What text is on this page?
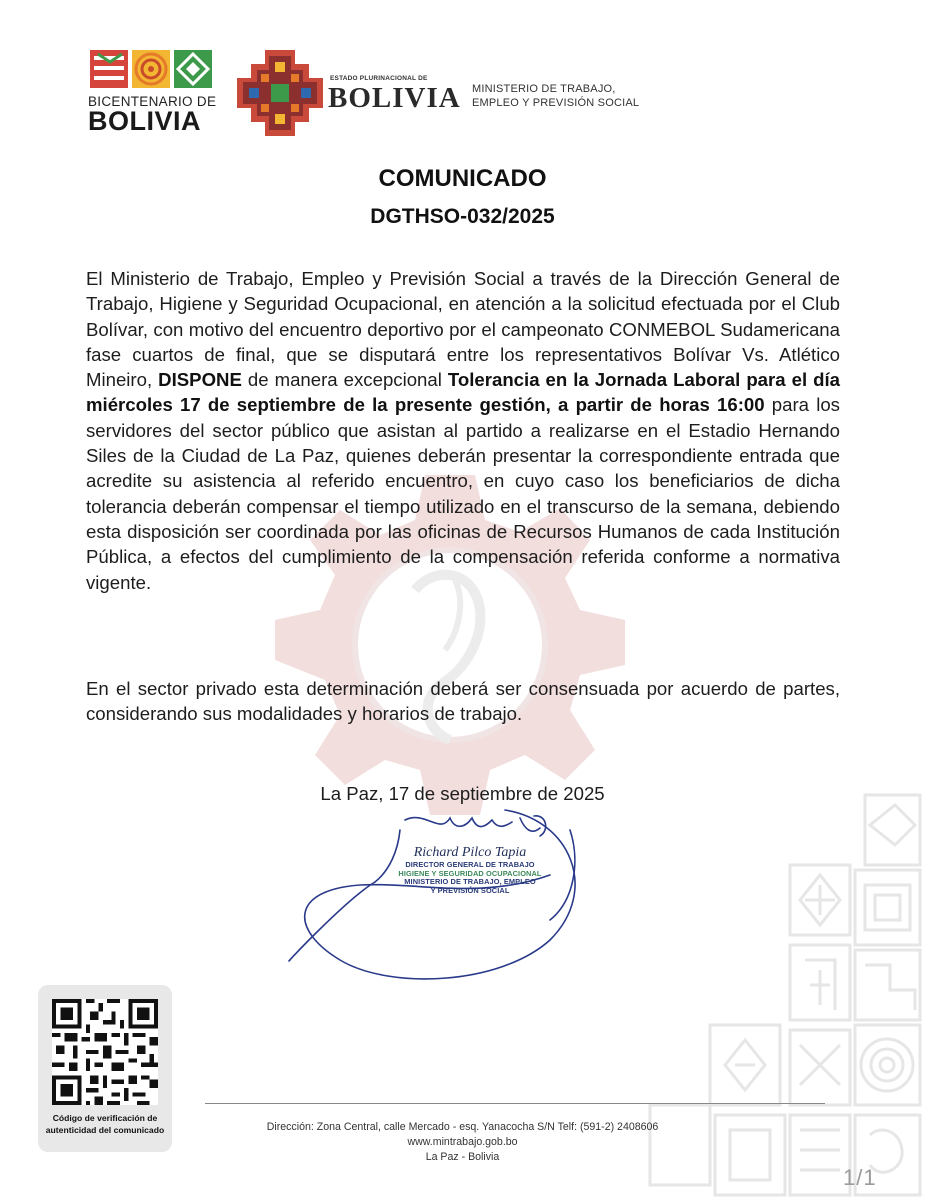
BICENTENARIO DE
BOLIVIA
ESTADO PLURINACIONAL DE
BOLIVIA MINISTERIO DE TRABAJO,
EMPLEO Y PREVISIÓN SOCIAL
COMUNICADO
DGTHSO-032/2025
El Ministerio de Trabajo, Empleo y Previsión Social a través de la Dirección General de Trabajo, Higiene y Seguridad Ocupacional, en atención a la solicitud efectuada por el Club Bolívar, con motivo del encuentro deportivo por el campeonato CONMEBOL Sudamericana fase cuartos de final, que se disputará entre los representativos Bolívar Vs. Atlético Mineiro, DISPONE de manera excepcional Tolerancia en la Jornada Laboral para el día miércoles 17 de septiembre de la presente gestión, a partir de horas 16:00 para los servidores del sector público que asistan al partido a realizarse en el Estadio Hernando Siles de la Ciudad de La Paz, quienes deberán presentar la correspondiente entrada que acredite su asistencia al referido encuentro, en cuyo caso los beneficiarios de dicha tolerancia deberán compensar el tiempo utilizado en el transcurso de la semana, debiendo esta disposición ser coordinada por las oficinas de Recursos Humanos de cada Institución Pública, a efectos del cumplimiento de la compensación referida conforme a normativa vigente.
En el sector privado esta determinación deberá ser consensuada por acuerdo de partes, considerando sus modalidades y horarios de trabajo.
La Paz, 17 de septiembre de 2025
Richard Pilco Tapia
DIRECTOR GENERAL DE TRABAJO
HIGIENE Y SEGURIDAD OCUPACIONAL
MINISTERIO DE TRABAJO, EMPLEO
Y PREVISIÓN SOCIAL
Código de verificación de
autenticidad del comunicado	Dirección: Zona Central, calle Mercado - esq. Yanacocha S/N Telf: (591-2) 2408606
www.mintrabajo.gob.bo
La Paz - Bolivia
1/1
